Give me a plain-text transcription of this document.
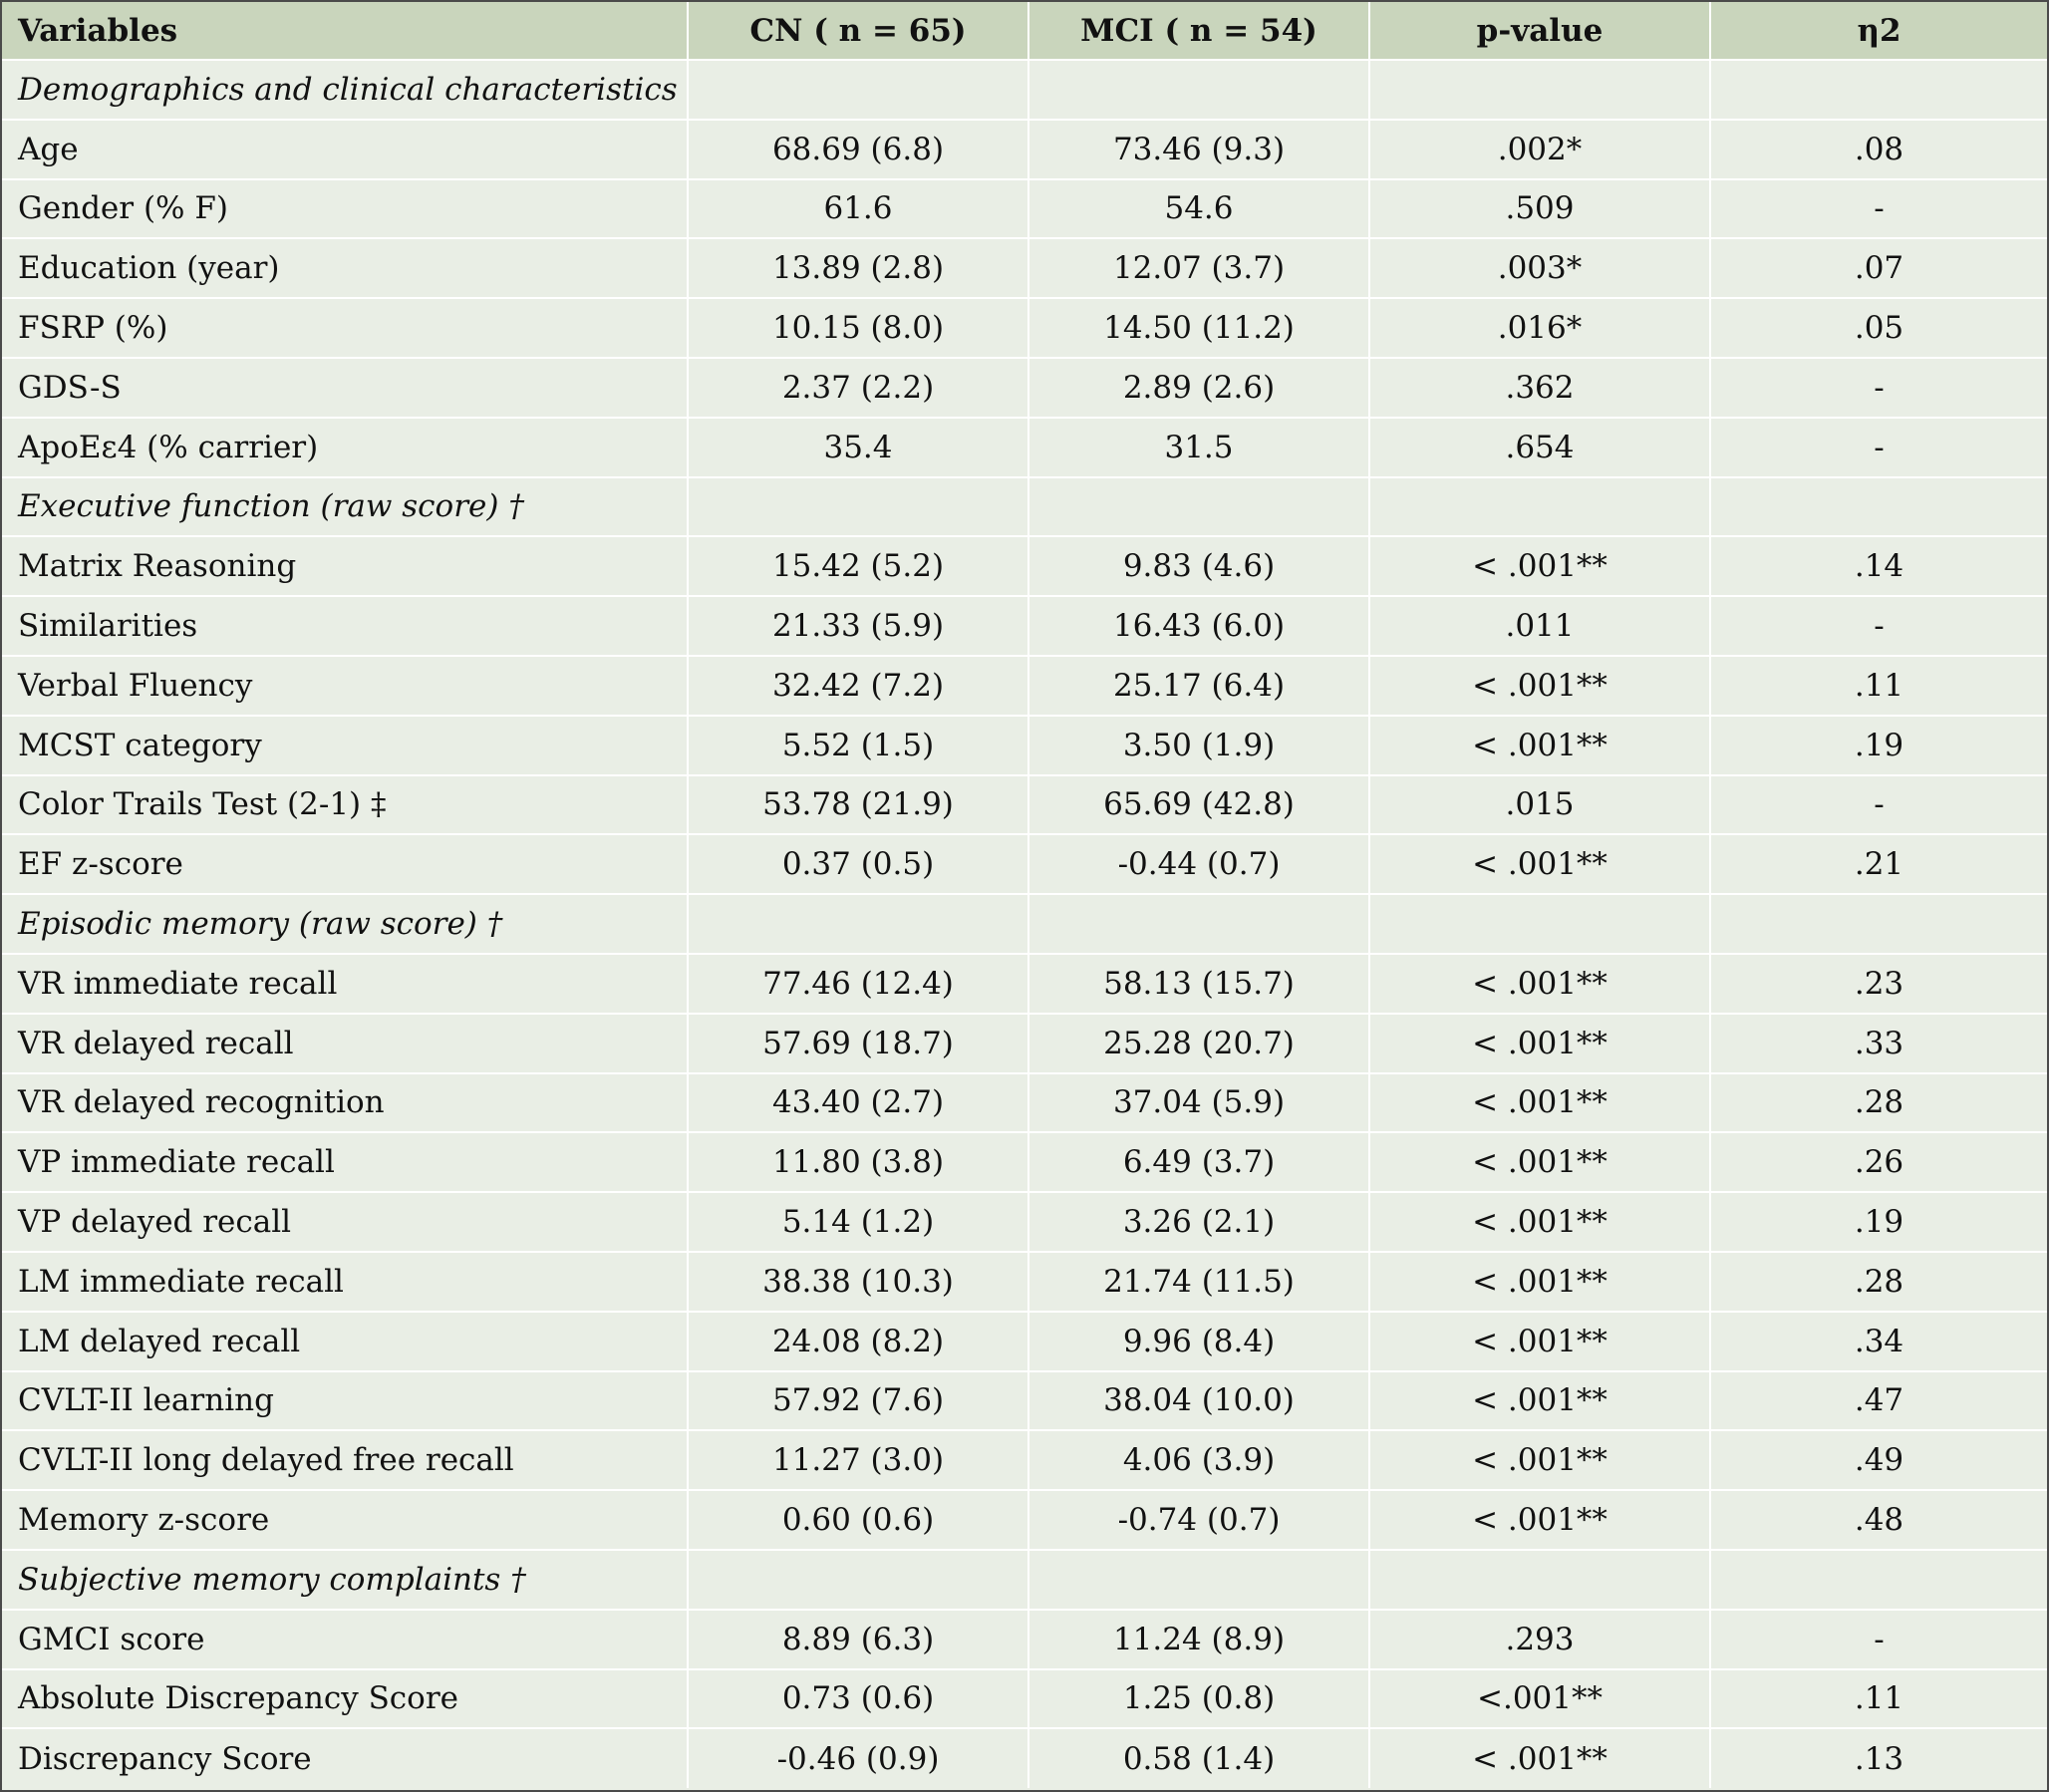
Variables	CN ( n = 65)	MCI ( n = 54)	p-value	η2
Demographics and clinical characteristics				
Age	68.69 (6.8)	73.46 (9.3)	.002*	.08
Gender (% F)	61.6	54.6	.509	-
Education (year)	13.89 (2.8)	12.07 (3.7)	.003*	.07
FSRP (%)	10.15 (8.0)	14.50 (11.2)	.016*	.05
GDS-S	2.37 (2.2)	2.89 (2.6)	.362	-
ApoEε4 (% carrier)	35.4	31.5	.654	-
Executive function (raw score) †				
Matrix Reasoning	15.42 (5.2)	9.83 (4.6)	< .001**	.14
Similarities	21.33 (5.9)	16.43 (6.0)	.011	-
Verbal Fluency	32.42 (7.2)	25.17 (6.4)	< .001**	.11
MCST category	5.52 (1.5)	3.50 (1.9)	< .001**	.19
Color Trails Test (2-1) ‡	53.78 (21.9)	65.69 (42.8)	.015	-
EF z-score	0.37 (0.5)	-0.44 (0.7)	< .001**	.21
Episodic memory (raw score) †				
VR immediate recall	77.46 (12.4)	58.13 (15.7)	< .001**	.23
VR delayed recall	57.69 (18.7)	25.28 (20.7)	< .001**	.33
VR delayed recognition	43.40 (2.7)	37.04 (5.9)	< .001**	.28
VP immediate recall	11.80 (3.8)	6.49 (3.7)	< .001**	.26
VP delayed recall	5.14 (1.2)	3.26 (2.1)	< .001**	.19
LM immediate recall	38.38 (10.3)	21.74 (11.5)	< .001**	.28
LM delayed recall	24.08 (8.2)	9.96 (8.4)	< .001**	.34
CVLT-II learning	57.92 (7.6)	38.04 (10.0)	< .001**	.47
CVLT-II long delayed free recall	11.27 (3.0)	4.06 (3.9)	< .001**	.49
Memory z-score	0.60 (0.6)	-0.74 (0.7)	< .001**	.48
Subjective memory complaints †				
GMCI score	8.89 (6.3)	11.24 (8.9)	.293	-
Absolute Discrepancy Score	0.73 (0.6)	1.25 (0.8)	<.001**	.11
Discrepancy Score	-0.46 (0.9)	0.58 (1.4)	< .001**	.13
